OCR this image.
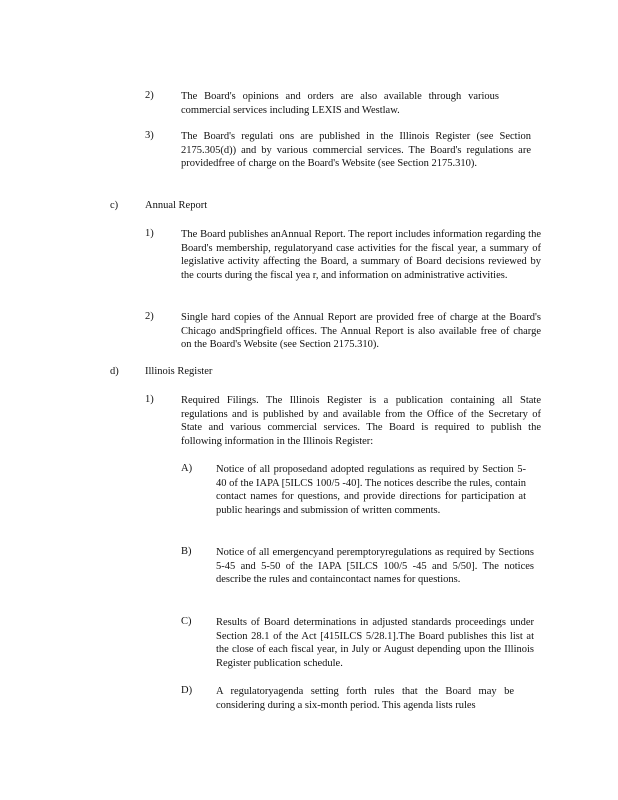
2)	The Board's opinions and orders are also available through various commercial services including LEXIS and Westlaw.
3)	The Board's regulati ons are published in the Illinois Register (see Section 2175.305(d)) and by various commercial services. The Board's regulations are providedfree of charge on the Board's Website (see Section 2175.310).
c)	Annual Report
1)	The Board publishes anAnnual Report. The report includes information regarding the Board's membership, regulatoryand case activities for the fiscal year, a summary of legislative activity affecting the Board, a summary of Board decisions reviewed by the courts during the fiscal yea r, and information on administrative activities.
2)	Single hard copies of the Annual Report are provided free of charge at the Board's Chicago andSpringfield offices. The Annual Report is also available free of charge on the Board's Website (see Section 2175.310).
d)	Illinois Register
1)	Required Filings. The Illinois Register is a publication containing all State regulations and is published by and available from the Office of the Secretary of State and various commercial services. The Board is required to publish the following information in the Illinois Register:
A) Notice of all proposedand adopted regulations as required by Section 5-40 of the IAPA [5ILCS 100/5 -40]. The notices describe the rules, contain contact names for questions, and provide directions for participation at public hearings and submission of written comments.
B) Notice of all emergencyand peremptoryregulations as required by Sections 5-45 and 5-50 of the IAPA [5ILCS 100/5 -45 and 5/50]. The notices describe the rules and containcontact names for questions.
C) Results of Board determinations in adjusted standards proceedings under Section 28.1 of the Act [415ILCS 5/28.1].The Board publishes this list at the close of each fiscal year, in July or August depending upon the Illinois Register publication schedule.
D) A regulatoryagenda setting forth rules that the Board may be considering during a six-month period. This agenda lists rules
